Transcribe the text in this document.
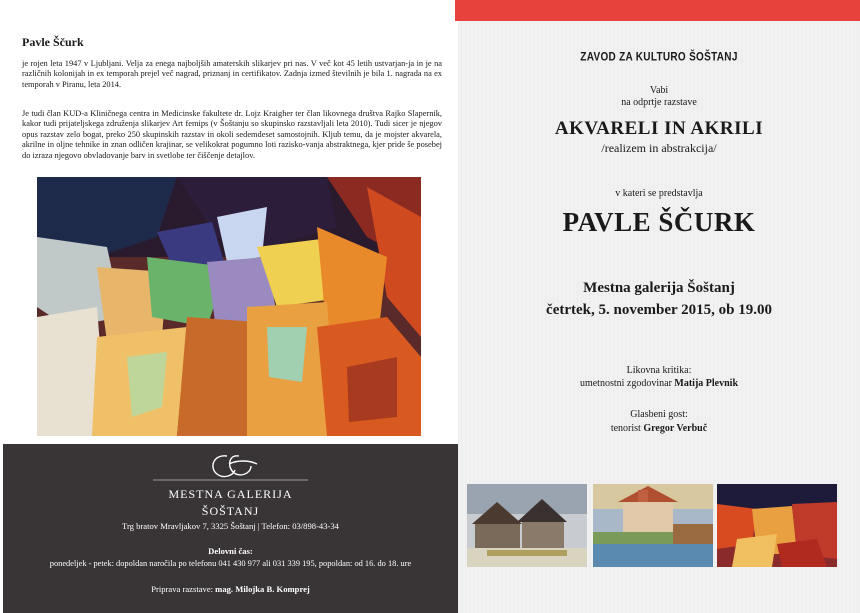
Pavle Ščurk

je rojen leta 1947 v Ljubljani. Velja za enega najboljših amaterskih slikarjev pri nas. V več kot 45 letih ustvarjan-ja in je na različnih kolonijah in ex temporah prejel več nagrad, priznanj in certifikatov. Zadnja izmed številnih je bila 1. nagrada na ex temporah v Piranu, leta 2014.

Je tudi član KUD-a Kliničnega centra in Medicinske fakultete dr. Lojz Kraigher ter član likovnega društva Rajko Slapernik, kakor tudi prijateljskega združenja slikarjev Art femips (v Šoštanju so skupinsko razstavljali leta 2010). Tudi sicer je njegov opus razstav zelo bogat, preko 250 skupinskih razstav in okoli sedemdeset samostojnih. Kljub temu, da je mojster akvarela, akrilne in oljne tehnike in znan odličen krajinar, se velikokrat pogumno loti razisko-vanja abstraktnega, kjer pride še posebej do izraza njegovo obvladovanje barv in svetlobe ter čiščenje detajlov.

MESTNA GALERIJA
ŠOŠTANJ
Trg bratov Mravljakov 7, 3325 Šoštanj | Telefon: 03/898-43-34
Delovni čas:
ponedeljek - petek: dopoldan naročila po telefonu 041 430 977 ali 031 339 195, popoldan: od 16. do 18. ure
Priprava razstave: mag. Milojka B. Komprej
ZAVOD ZA KULTURO ŠOŠTANJ
Vabi
na odprtje razstave
AKVARELI IN AKRILI
/realizem in abstrakcija/
v kateri se predstavlja
PAVLE ŠČURK
Mestna galerija Šoštanj
četrtek, 5. november 2015, ob 19.00
Likovna kritika:
umetnostni zgodovinar Matija Plevnik
Glasbeni gost:
tenorist Gregor Verbuč
